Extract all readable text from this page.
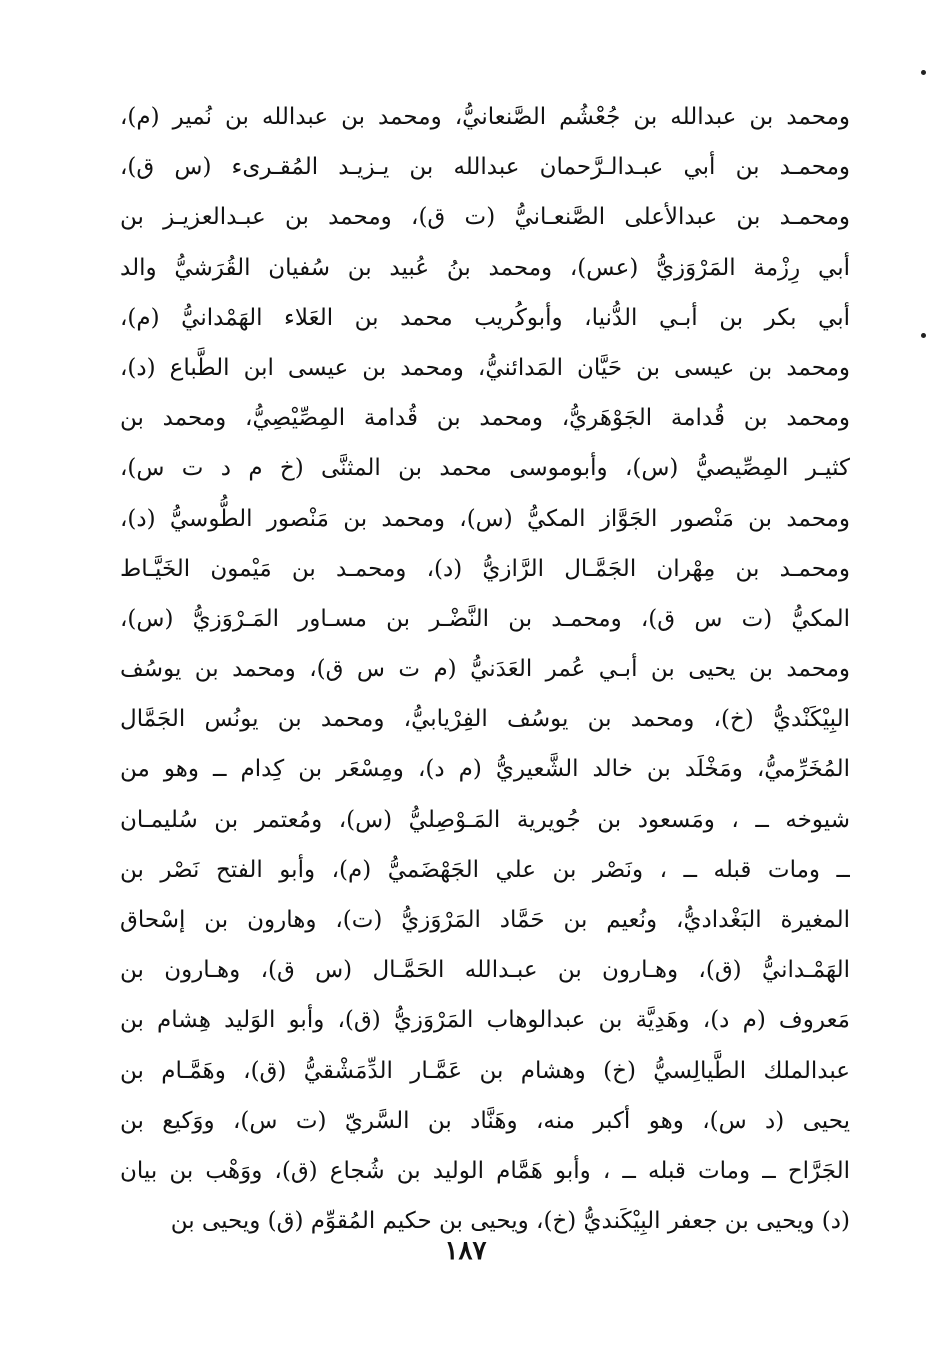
ومحمد بن عبدالله بن جُعْشُم الصَّنعانيُّ، ومحمد بن عبدالله بن نُمير (م)،
ومحمـد بن أبي عبـدالـرَّحمان عبدالله بن يـزيـد المُقـرىء (س ق)،
ومحمـد بن عبدالأعلى الصَّنعـانيُّ (ت ق)، ومحمد بن عبـدالعزيـز بن
أبي رِزْمة المَرْوَزيُّ (عس)، ومحمد بنُ عُبيد بن سُفيان القُرَشيُّ والد
أبي بكر بن أبـي الدُّنيا، وأبوكُريب محمد بن العَلاء الهَمْدانيُّ (م)،
ومحمد بن عيسى بن حَيَّان المَدائنيُّ، ومحمد بن عيسى ابن الطَّباع (د)،
ومحمد بن قُدامة الجَوْهَريُّ، ومحمد بن قُدامة المِصِّيْصِيُّ، ومحمد بن
كثيـر المِصِّيصيُّ (س)، وأبوموسى محمد بن المثنَّى (خ م د ت س)،
ومحمد بن مَنْصور الجَوَّاز المكيُّ (س)، ومحمد بن مَنْصور الطُّوسيُّ (د)،
ومحمـد بن مِهْران الجَمَّـال الرَّازيُّ (د)، ومحمـد بن مَيْمون الخَيَّـاط
المكيُّ (ت س ق)، ومحمـد بن النَّضْـر بن مسـاور المَـرْوَزيُّ (س)،
ومحمد بن يحيى بن أبـي عُمر العَدَنيُّ (م ت س ق)، ومحمد بن يوسُف
البِيْكَنْديُّ (خ)، ومحمد بن يوسُف الفِرْيابيُّ، ومحمد بن يونُس الجَمَّال
المُخَرِّميُّ، ومَخْلَد بن خالد الشَّعيريُّ (م د)، ومِسْعَر بن كِدام ــ وهو من
شيوخه ــ ، ومَسعود بن جُويرية المَـوْصِليُّ (س)، ومُعتمر بن سُليمـان
ــ ومات قبله ــ ، ونَصْر بن علي الجَهْضَميُّ (م)، وأبو الفتح نَصْر بن
المغيرة البَغْداديُّ، ونُعيم بن حَمَّاد المَرْوَزيُّ (ت)، وهارون بن إسْحاق
الهَمْـدانيُّ (ق)، وهـارون بن عبـدالله الحَمَّـال (س ق)، وهـارون بن
مَعروف (م د)، وهَدِيَّة بن عبدالوهاب المَرْوَزيُّ (ق)، وأبو الوَليد هِشام بن
عبدالملك الطَّيالِسيُّ (خ) وهشام بن عَمَّـار الدِّمَشْقيُّ (ق)، وهَمَّـام بن
يحيى (د س)، وهو أكبر منه، وهَنَّاد بن السَّريّ (ت س)، ووَكيع بن
الجَرَّاح ــ ومات قبله ــ ، وأبو هَمَّام الوليد بن شُجاع (ق)، ووَهْب بن بيان
(د) ويحيى بن جعفر البِيْكَنديُّ (خ)، ويحيى بن حكيم المُقوِّم (ق) ويحيى بن
١٨٧
